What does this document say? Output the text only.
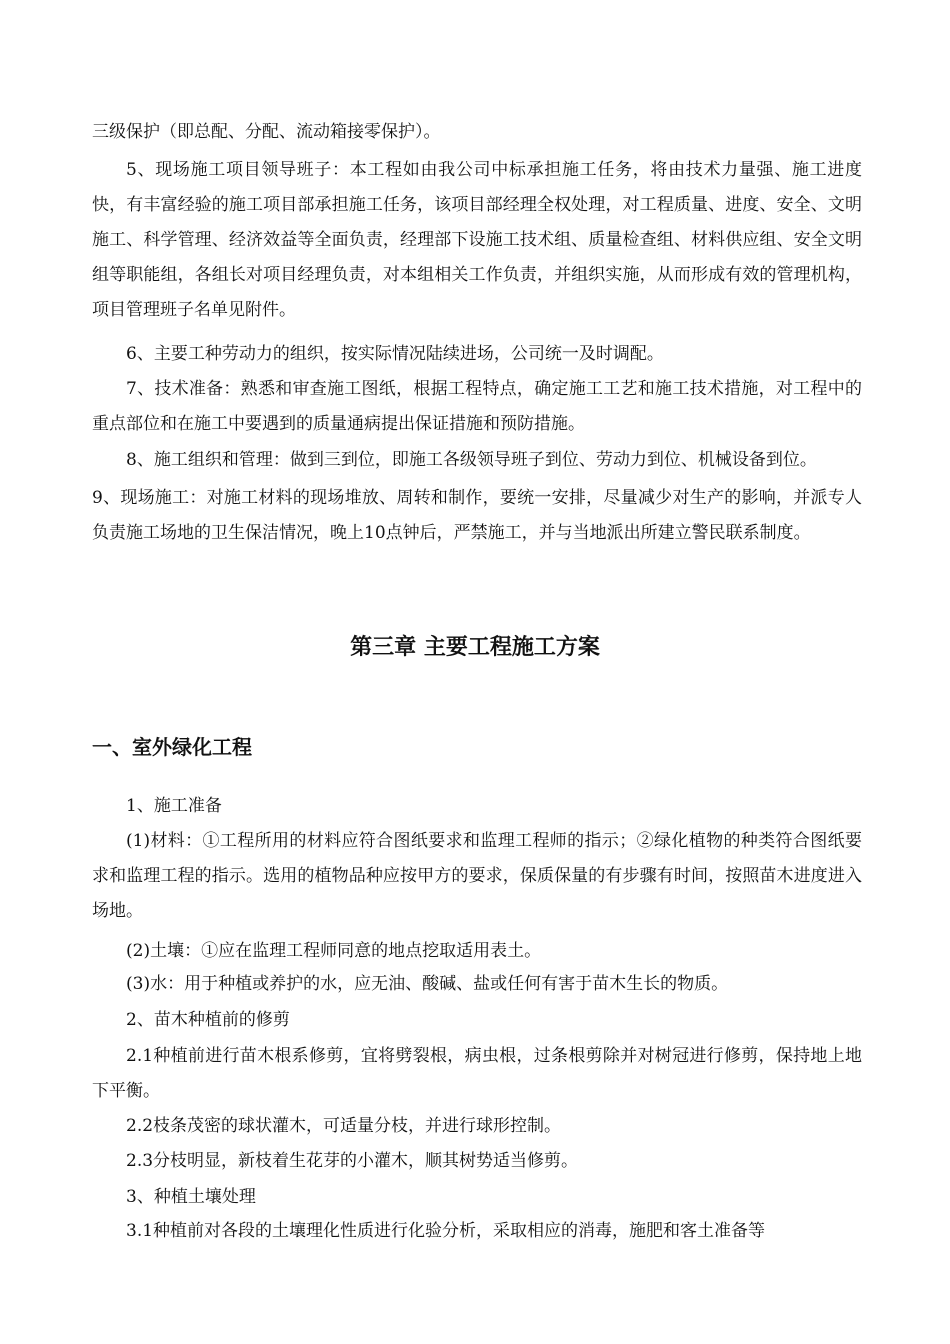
三级保护（即总配、分配、流动箱接零保护）。

5、现场施工项目领导班子：本工程如由我公司中标承担施工任务，将由技术力量强、施工进度快，有丰富经验的施工项目部承担施工任务，该项目部经理全权处理，对工程质量、进度、安全、文明施工、科学管理、经济效益等全面负责，经理部下设施工技术组、质量检查组、材料供应组、安全文明组等职能组，各组长对项目经理负责，对本组相关工作负责，并组织实施，从而形成有效的管理机构，项目管理班子名单见附件。

6、主要工种劳动力的组织，按实际情况陆续进场，公司统一及时调配。

7、技术准备：熟悉和审查施工图纸，根据工程特点，确定施工工艺和施工技术措施，对工程中的重点部位和在施工中要遇到的质量通病提出保证措施和预防措施。

8、施工组织和管理：做到三到位，即施工各级领导班子到位、劳动力到位、机械设备到位。

9、现场施工：对施工材料的现场堆放、周转和制作，要统一安排，尽量减少对生产的影响，并派专人负责施工场地的卫生保洁情况，晚上10点钟后，严禁施工，并与当地派出所建立警民联系制度。

第三章 主要工程施工方案
一、室外绿化工程

1、施工准备

(1)材料：①工程所用的材料应符合图纸要求和监理工程师的指示；②绿化植物的种类符合图纸要求和监理工程的指示。选用的植物品种应按甲方的要求，保质保量的有步骤有时间，按照苗木进度进入场地。

(2)土壤：①应在监理工程师同意的地点挖取适用表土。

(3)水：用于种植或养护的水，应无油、酸碱、盐或任何有害于苗木生长的物质。

2、苗木种植前的修剪

2.1种植前进行苗木根系修剪，宜将劈裂根，病虫根，过条根剪除并对树冠进行修剪，保持地上地下平衡。

2.2枝条茂密的球状灌木，可适量分枝，并进行球形控制。

2.3分枝明显，新枝着生花芽的小灌木，顺其树势适当修剪。

3、种植土壤处理

3.1种植前对各段的土壤理化性质进行化验分析，采取相应的消毒，施肥和客土准备等
